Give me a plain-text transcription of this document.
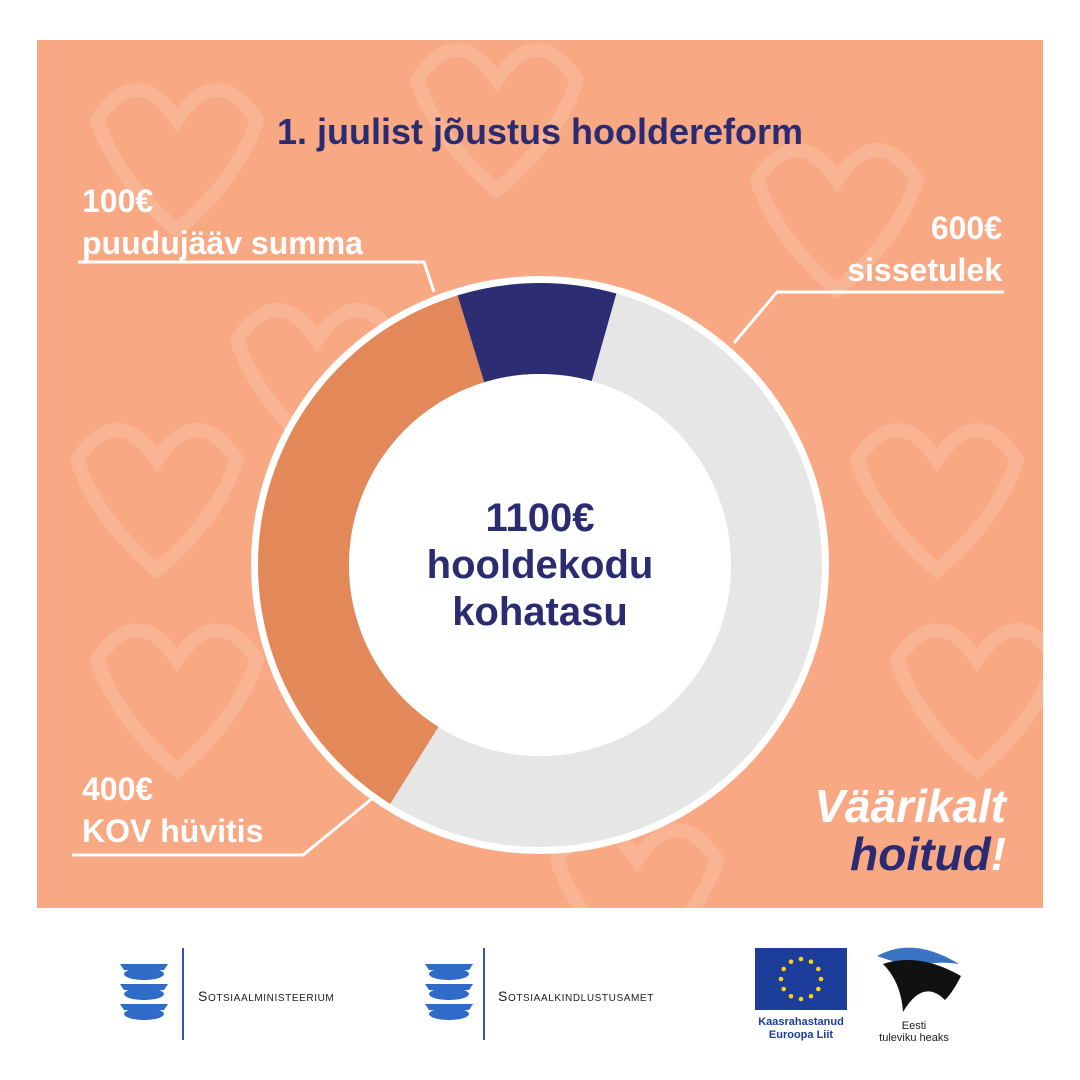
1. juulist jõustus hooldereform
1100€
hooldekodu
kohatasu
100€
puudujääv summa	600€
sissetulek
400€
KOV hüvitis	Väärikalt
hoitud!
Sotsiaalministeerium	Sotsiaalkindlustusamet
Kaasrahastanud
Euroopa Liit
Eesti
tuleviku heaks
